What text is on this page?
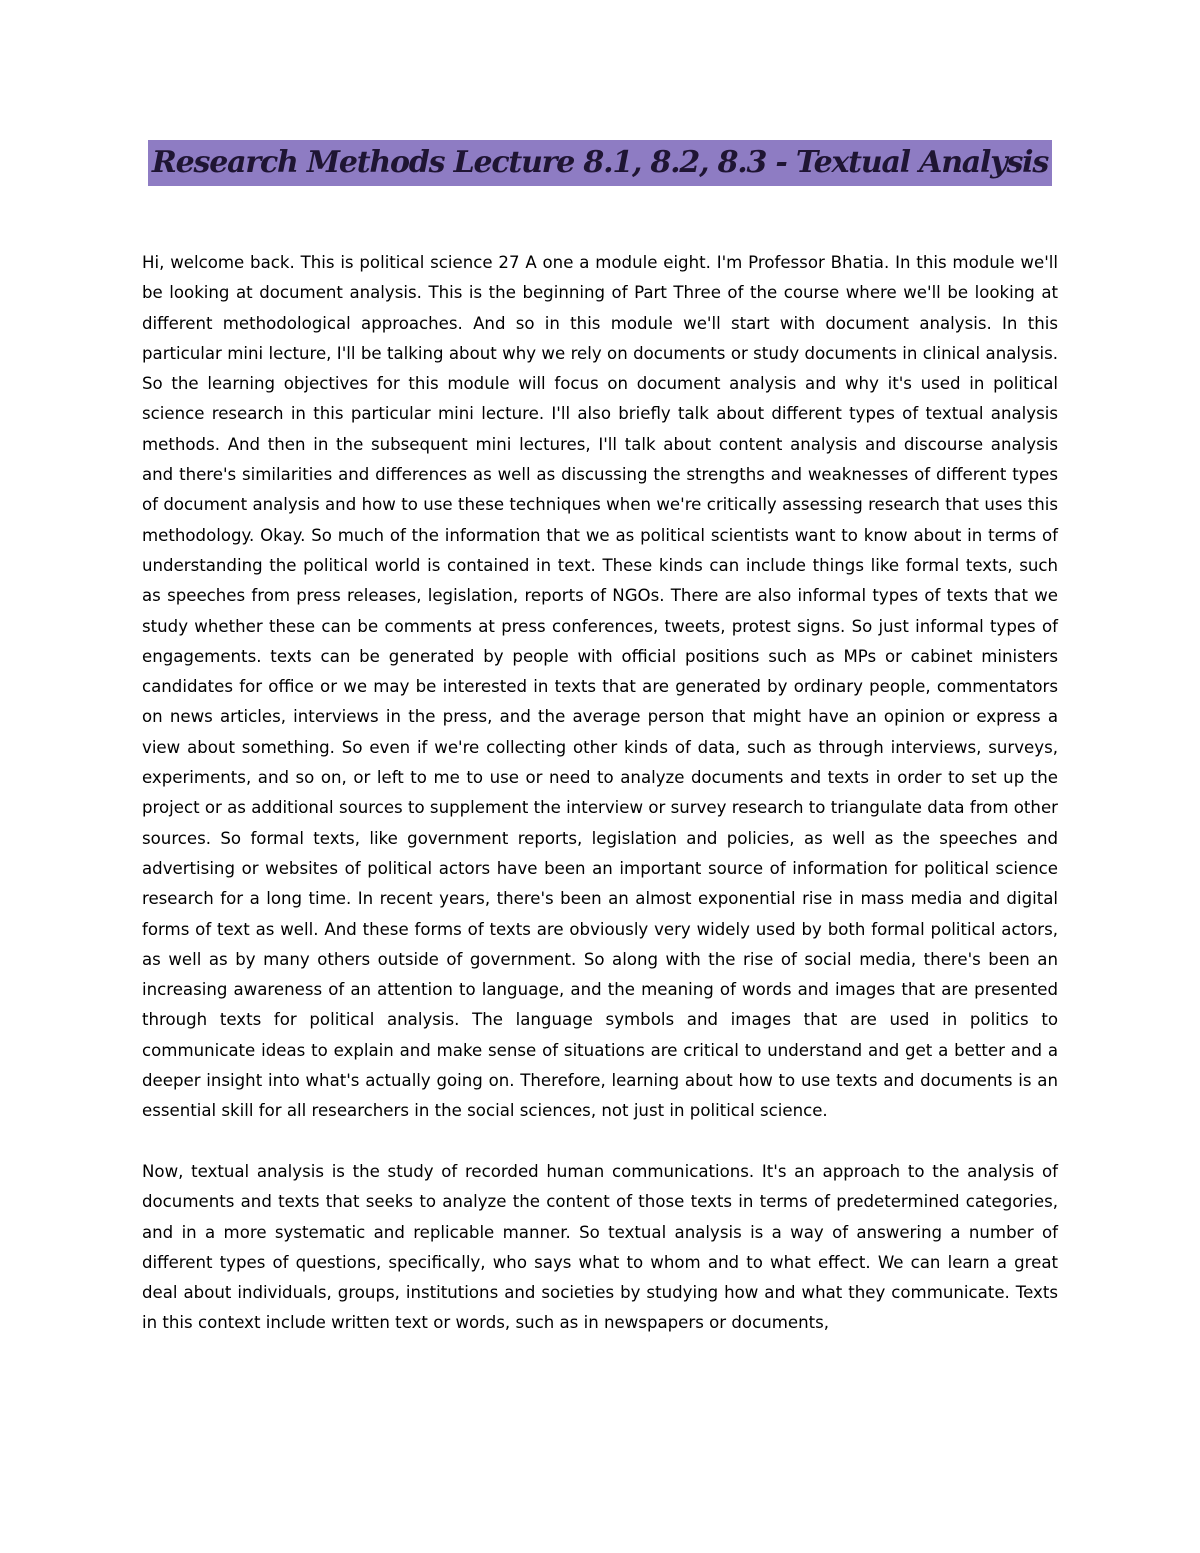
Research Methods Lecture 8.1, 8.2, 8.3 - Textual Analysis

Hi, welcome back. This is political science 27 A one a module eight. I'm Professor Bhatia. In this module we'll be looking at document analysis. This is the beginning of Part Three of the course where we'll be looking at different methodological approaches. And so in this module we'll start with document analysis. In this particular mini lecture, I'll be talking about why we rely on documents or study documents in clinical analysis. So the learning objectives for this module will focus on document analysis and why it's used in political science research in this particular mini lecture. I'll also briefly talk about different types of textual analysis methods. And then in the subsequent mini lectures, I'll talk about content analysis and discourse analysis and there's similarities and differences as well as discussing the strengths and weaknesses of different types of document analysis and how to use these techniques when we're critically assessing research that uses this methodology. Okay. So much of the information that we as political scientists want to know about in terms of understanding the political world is contained in text. These kinds can include things like formal texts, such as speeches from press releases, legislation, reports of NGOs. There are also informal types of texts that we study whether these can be comments at press conferences, tweets, protest signs. So just informal types of engagements. texts can be generated by people with official positions such as MPs or cabinet ministers candidates for office or we may be interested in texts that are generated by ordinary people, commentators on news articles, interviews in the press, and the average person that might have an opinion or express a view about something. So even if we're collecting other kinds of data, such as through interviews, surveys, experiments, and so on, or left to me to use or need to analyze documents and texts in order to set up the project or as additional sources to supplement the interview or survey research to triangulate data from other sources. So formal texts, like government reports, legislation and policies, as well as the speeches and advertising or websites of political actors have been an important source of information for political science research for a long time. In recent years, there's been an almost exponential rise in mass media and digital forms of text as well. And these forms of texts are obviously very widely used by both formal political actors, as well as by many others outside of government. So along with the rise of social media, there's been an increasing awareness of an attention to language, and the meaning of words and images that are presented through texts for political analysis. The language symbols and images that are used in politics to communicate ideas to explain and make sense of situations are critical to understand and get a better and a deeper insight into what's actually going on. Therefore, learning about how to use texts and documents is an essential skill for all researchers in the social sciences, not just in political science.

Now, textual analysis is the study of recorded human communications. It's an approach to the analysis of documents and texts that seeks to analyze the content of those texts in terms of predetermined categories, and in a more systematic and replicable manner. So textual analysis is a way of answering a number of different types of questions, specifically, who says what to whom and to what effect. We can learn a great deal about individuals, groups, institutions and societies by studying how and what they communicate. Texts in this context include written text or words, such as in newspapers or documents,
